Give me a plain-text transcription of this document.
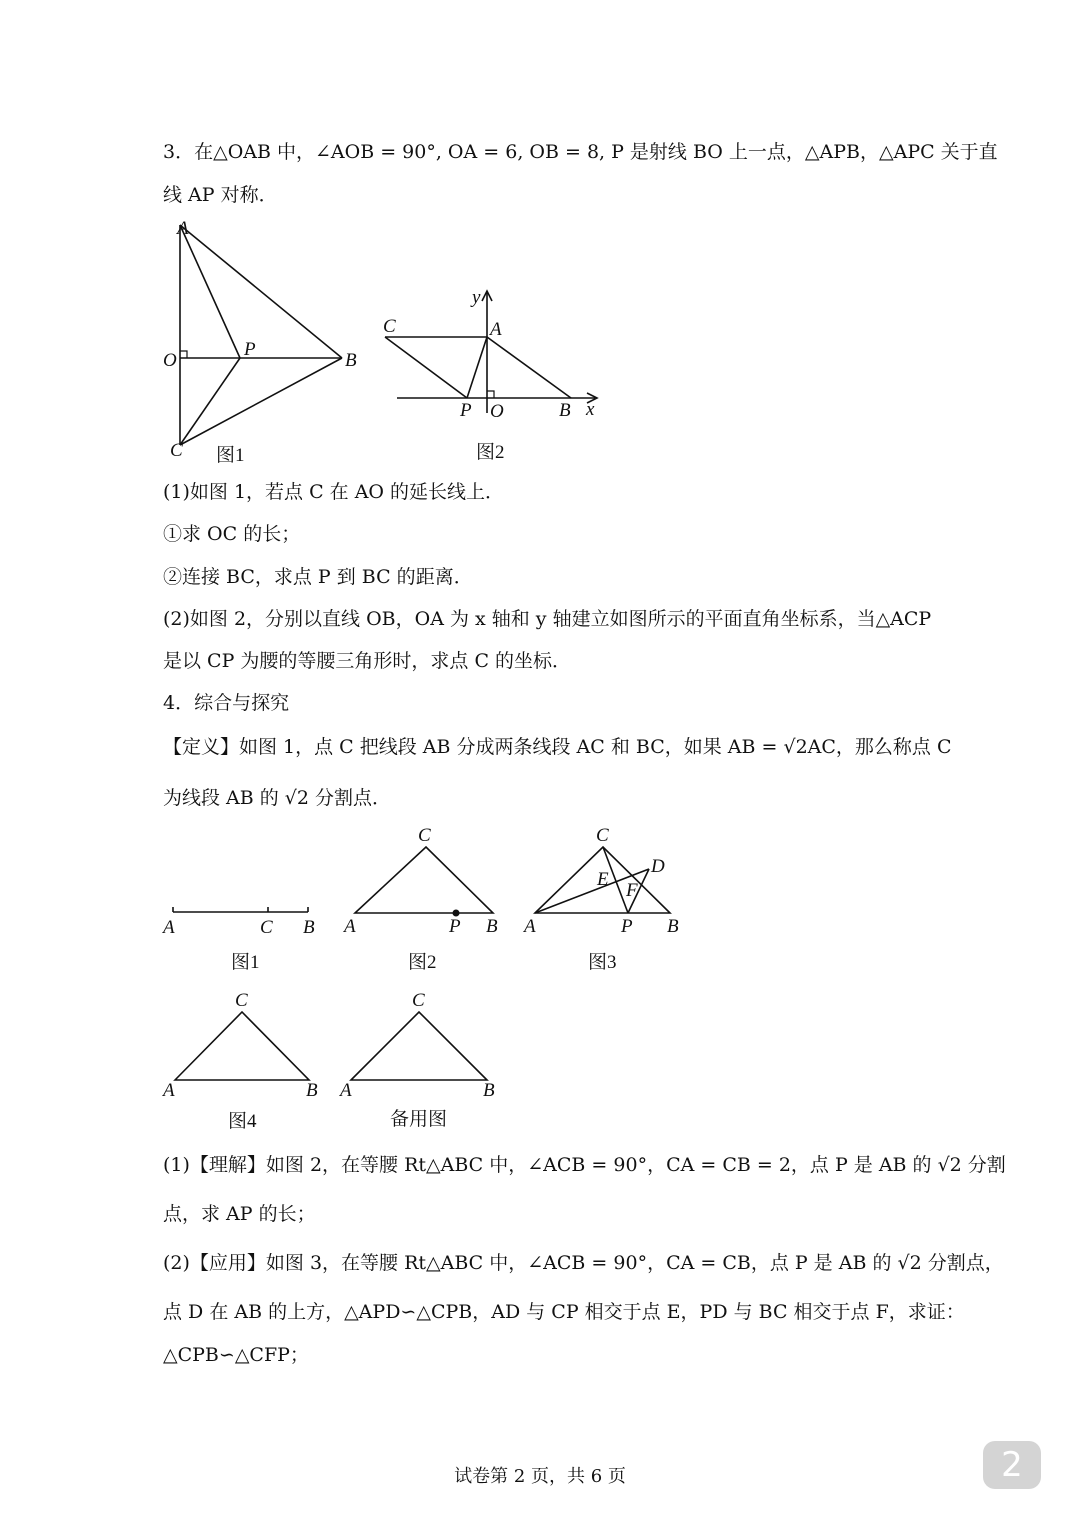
3．在△OAB 中，∠AOB = 90°, OA = 6, OB = 8, P 是射线 BO 上一点，△APB，△APC 关于直
线 AP 对称．
A
O
P
B
C 图1
y
C	A
P O	B x
图2
(1)如图 1，若点 C 在 AO 的延长线上．
①求 OC 的长；
②连接 BC，求点 P 到 BC 的距离．
(2)如图 2，分别以直线 OB，OA 为 x 轴和 y 轴建立如图所示的平面直角坐标系，当△ACP
是以 CP 为腰的等腰三角形时，求点 C 的坐标．
4．综合与探究
【定义】如图 1，点 C 把线段 AB 分成两条线段 AC 和 BC，如果 AB = √2AC，那么称点 C
为线段 AB 的 √2 分割点．
A	C B
图1
C
A	P B
图2
C
D
E
F
A	P B
图3
C
A	B
图4
C
A	B
备用图
(1)【理解】如图 2，在等腰 Rt△ABC 中，∠ACB = 90°，CA = CB = 2，点 P 是 AB 的 √2 分割
点，求 AP 的长；
(2)【应用】如图 3，在等腰 Rt△ABC 中，∠ACB = 90°，CA = CB，点 P 是 AB 的 √2 分割点，
点 D 在 AB 的上方，△APD∽△CPB，AD 与 CP 相交于点 E，PD 与 BC 相交于点 F，求证：
△CPB∽△CFP；
试卷第 2 页，共 6 页	2
